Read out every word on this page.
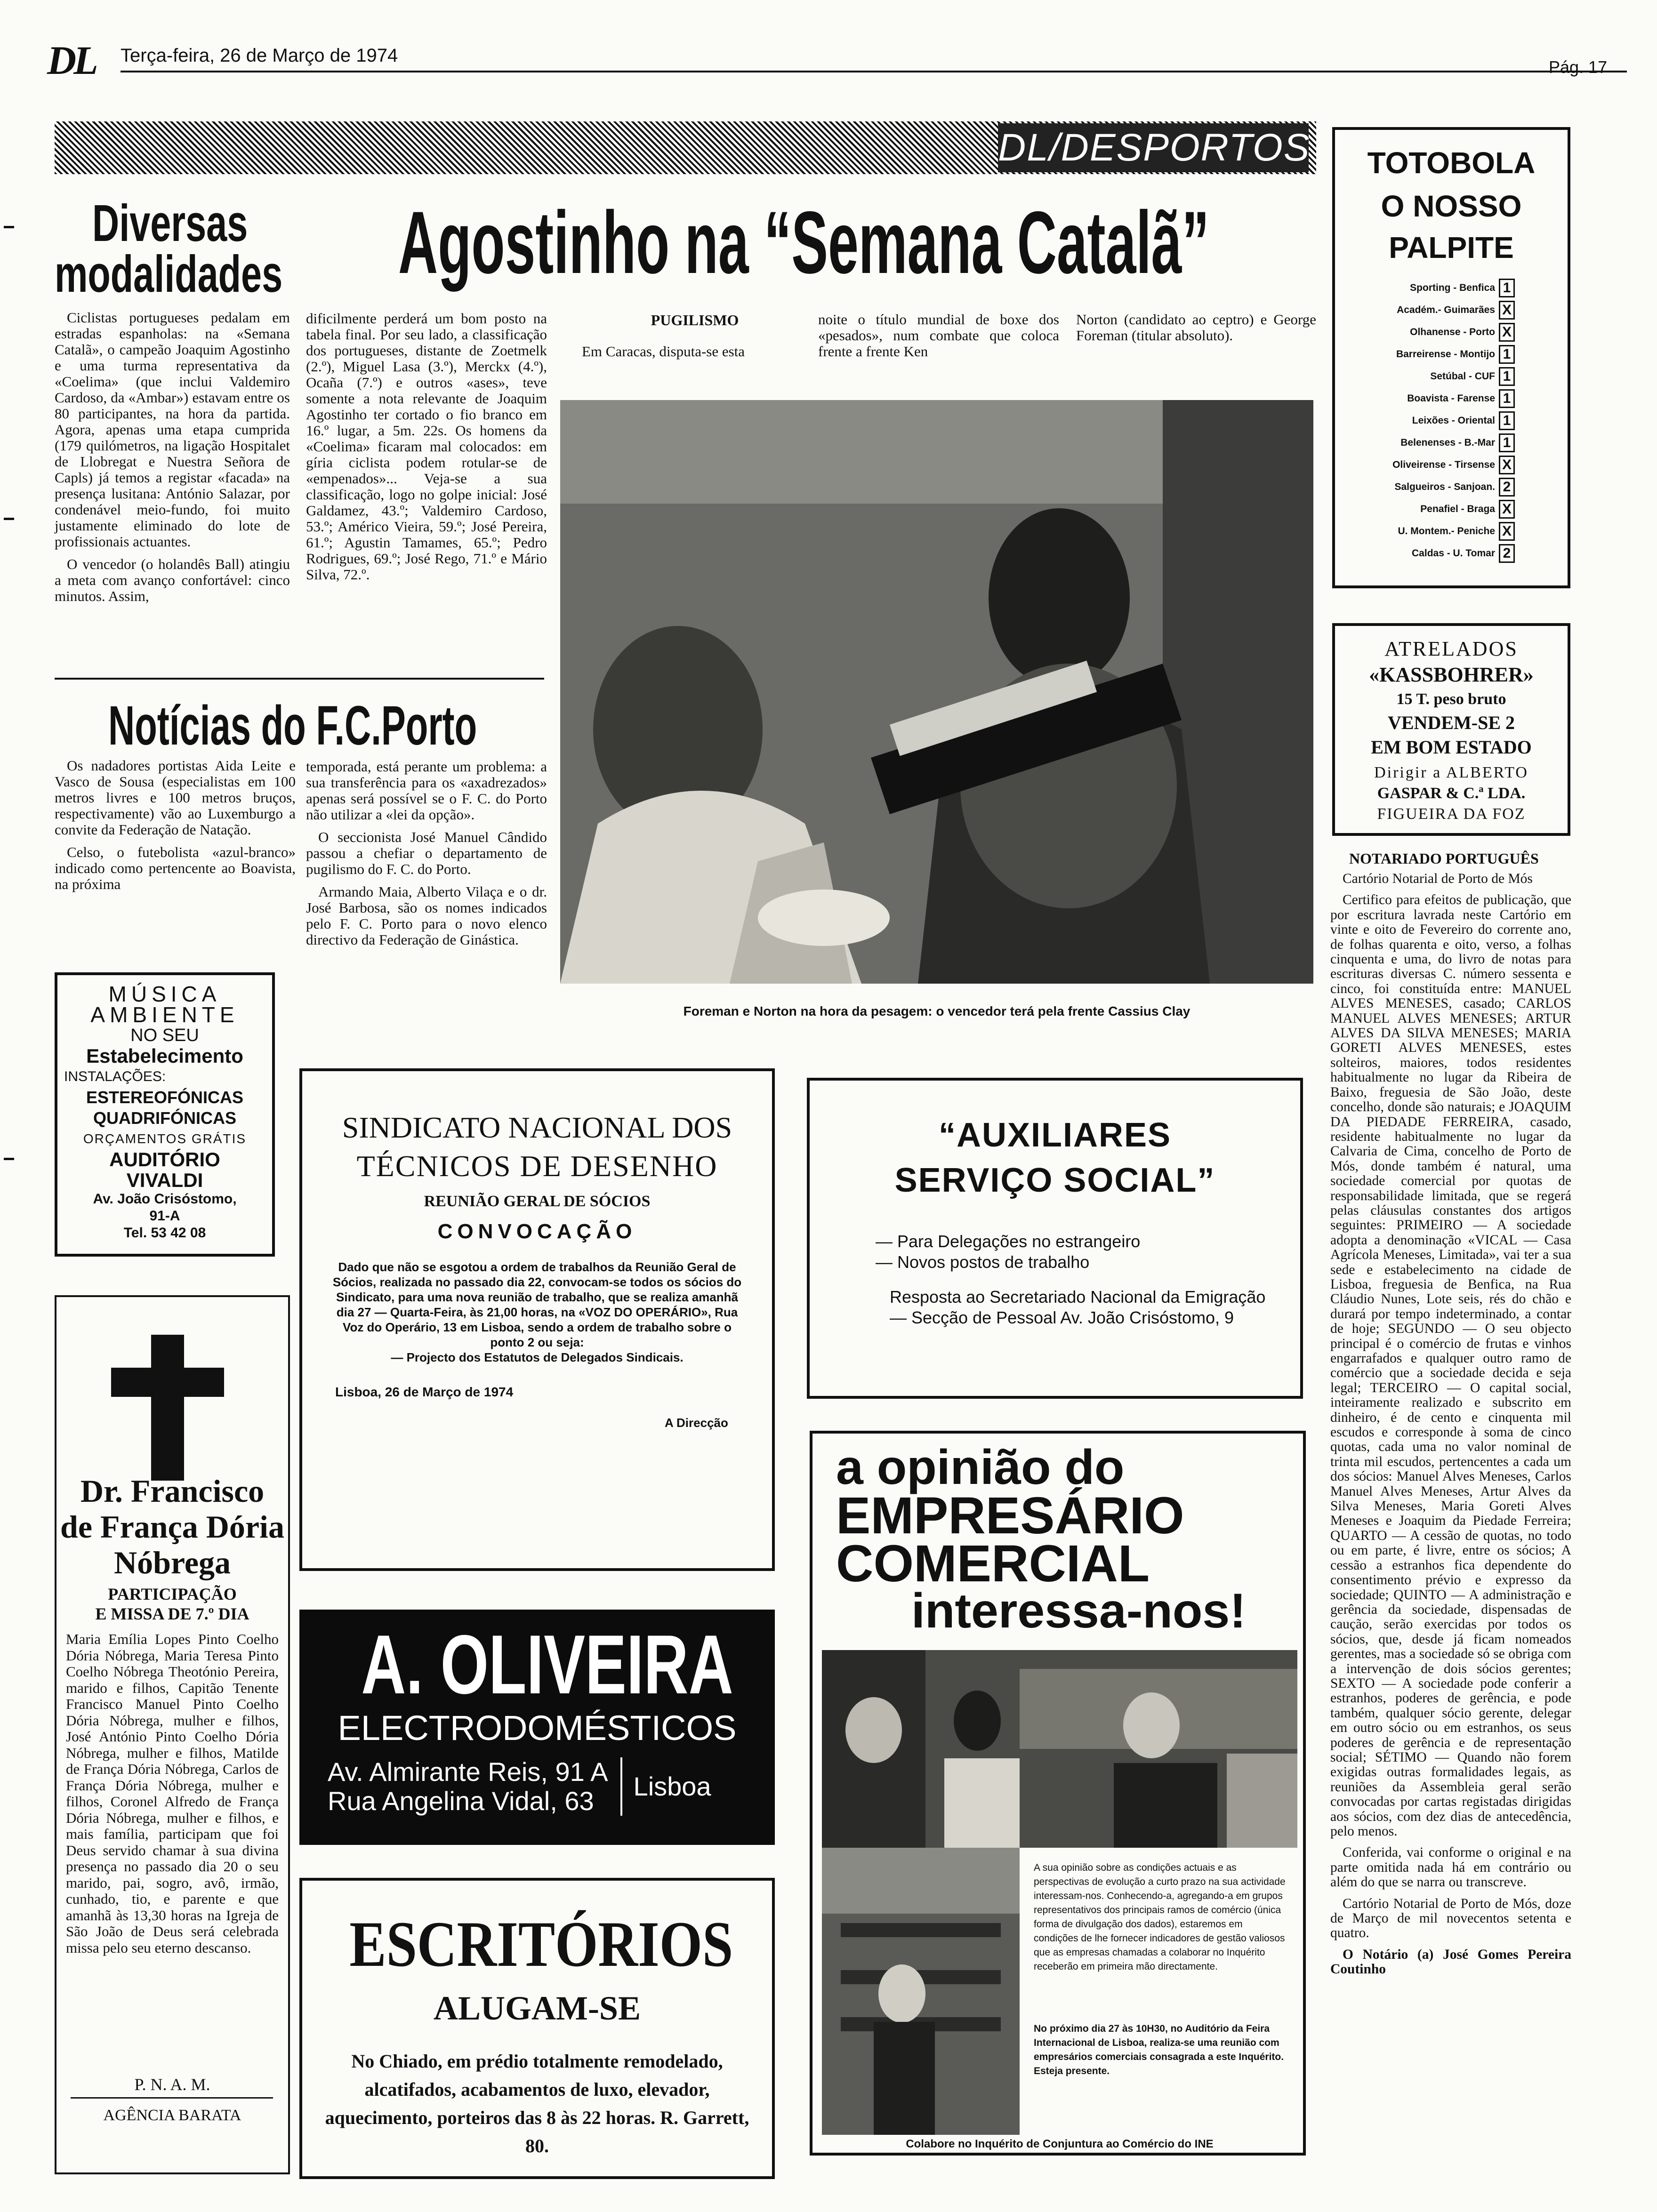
DL Terça-feira, 26 de Março de 1974
Pág. 17
DL/DESPORTOS
Diversas
modalidades

Ciclistas portugueses pedalam em estradas espanholas: na «Semana Catalã», o campeão Joaquim Agostinho e uma turma representativa da «Coelima» (que inclui Valdemiro Cardoso, da «Ambar») estavam entre os 80 participantes, na hora da partida. Agora, apenas uma etapa cumprida (179 quilómetros, na ligação Hospitalet de Llobregat e Nuestra Señora de Capls) já temos a registar «facada» na presença lusitana: António Salazar, por condenável meio-fundo, foi muito justamente eliminado do lote de profissionais actuantes.

O vencedor (o holandês Ball) atingiu a meta com avanço confortável: cinco minutos. Assim,

dificilmente perderá um bom posto na tabela final. Por seu lado, a classificação dos portugueses, distante de Zoetmelk (2.º), Miguel Lasa (3.º), Merckx (4.º), Ocaña (7.º) e outros «ases», teve somente a nota relevante de Joaquim Agostinho ter cortado o fio branco em 16.º lugar, a 5m. 22s. Os homens da «Coelima» ficaram mal colocados: em gíria ciclista podem rotular-se de «empenados»... Veja-se a sua classificação, logo no golpe inicial: José Galdamez, 43.º; Valdemiro Cardoso, 53.º; Américo Vieira, 59.º; José Pereira, 61.º; Agustin Tamames, 65.º; Pedro Rodrigues, 69.º; José Rego, 71.º e Mário Silva, 72.º.

Agostinho na “Semana Catalã”
PUGILISMO
Em Caracas, disputa-se esta
noite o título mundial de boxe dos «pesados», num combate que coloca frente a frente Ken
Norton (candidato ao ceptro) e George Foreman (titular absoluto).
Foreman e Norton na hora da pesagem: o vencedor terá pela frente Cassius Clay
Notícias do F.C.Porto

Os nadadores portistas Aida Leite e Vasco de Sousa (especialistas em 100 metros livres e 100 metros bruços, respectivamente) vão ao Luxemburgo a convite da Federação de Natação.

Celso, o futebolista «azul-branco» indicado como pertencente ao Boavista, na próxima

temporada, está perante um problema: a sua transferência para os «axadrezados» apenas será possível se o F. C. do Porto não utilizar a «lei da opção».

O seccionista José Manuel Cândido passou a chefiar o departamento de pugilismo do F. C. do Porto.

Armando Maia, Alberto Vilaça e o dr. José Barbosa, são os nomes indicados pelo F. C. Porto para o novo elenco directivo da Federação de Ginástica.

TOTOBOLA
O NOSSO
PALPITE
Sporting - Benfica 1
Académ.- Guimarães X
Olhanense - Porto X
Barreirense - Montijo 1
Setúbal - CUF 1
Boavista - Farense 1
Leixões - Oriental 1
Belenenses - B.-Mar 1
Oliveirense - Tirsense X
Salgueiros - Sanjoan. 2
Penafiel - Braga X
U. Montem.- Peniche X
Caldas - U. Tomar 2
ATRELADOS
«KASSBOHRER»
15 T. peso bruto
VENDEM-SE 2
EM BOM ESTADO
Dirigir a ALBERTO
GASPAR & C.ª LDA.
FIGUEIRA DA FOZ
NOTARIADO PORTUGUÊS

Cartório Notarial de Porto de Mós

Certifico para efeitos de publicação, que por escritura lavrada neste Cartório em vinte e oito de Fevereiro do corrente ano, de folhas quarenta e oito, verso, a folhas cinquenta e uma, do livro de notas para escrituras diversas C. número sessenta e cinco, foi constituída entre: MANUEL ALVES MENESES, casado; CARLOS MANUEL ALVES MENESES; ARTUR ALVES DA SILVA MENESES; MARIA GORETI ALVES MENESES, estes solteiros, maiores, todos residentes habitualmente no lugar da Ribeira de Baixo, freguesia de São João, deste concelho, donde são naturais; e JOAQUIM DA PIEDADE FERREIRA, casado, residente habitualmente no lugar da Calvaria de Cima, concelho de Porto de Mós, donde também é natural, uma sociedade comercial por quotas de responsabilidade limitada, que se regerá pelas cláusulas constantes dos artigos seguintes: PRIMEIRO — A sociedade adopta a denominação «VICAL — Casa Agrícola Meneses, Limitada», vai ter a sua sede e estabelecimento na cidade de Lisboa, freguesia de Benfica, na Rua Cláudio Nunes, Lote seis, rés do chão e durará por tempo indeterminado, a contar de hoje; SEGUNDO — O seu objecto principal é o comércio de frutas e vinhos engarrafados e qualquer outro ramo de comércio que a sociedade decida e seja legal; TERCEIRO — O capital social, inteiramente realizado e subscrito em dinheiro, é de cento e cinquenta mil escudos e corresponde à soma de cinco quotas, cada uma no valor nominal de trinta mil escudos, pertencentes a cada um dos sócios: Manuel Alves Meneses, Carlos Manuel Alves Meneses, Artur Alves da Silva Meneses, Maria Goreti Alves Meneses e Joaquim da Piedade Ferreira; QUARTO — A cessão de quotas, no todo ou em parte, é livre, entre os sócios; A cessão a estranhos fica dependente do consentimento prévio e expresso da sociedade; QUINTO — A administração e gerência da sociedade, dispensadas de caução, serão exercidas por todos os sócios, que, desde já ficam nomeados gerentes, mas a sociedade só se obriga com a intervenção de dois sócios gerentes; SEXTO — A sociedade pode conferir a estranhos, poderes de gerência, e pode também, qualquer sócio gerente, delegar em outro sócio ou em estranhos, os seus poderes de gerência e de representação social; SÉTIMO — Quando não forem exigidas outras formalidades legais, as reuniões da Assembleia geral serão convocadas por cartas registadas dirigidas aos sócios, com dez dias de antecedência, pelo menos.

Conferida, vai conforme o original e na parte omitida nada há em contrário ou além do que se narra ou transcreve.

Cartório Notarial de Porto de Mós, doze de Março de mil novecentos setenta e quatro.

O Notário (a) José Gomes Pereira Coutinho

MÚSICA
AMBIENTE
NO SEU
Estabelecimento
INSTALAÇÕES:
ESTEREOFÓNICAS
QUADRIFÓNICAS
ORÇAMENTOS GRÁTIS
AUDITÓRIO
VIVALDI
Av. João Crisóstomo,
91-A
Tel. 53 42 08
Dr. Francisco
de França Dória
Nóbrega
PARTICIPAÇÃO
E MISSA DE 7.º DIA
Maria Emília Lopes Pinto Coelho Dória Nóbrega, Maria Teresa Pinto Coelho Nóbrega Theotónio Pereira, marido e filhos, Capitão Tenente Francisco Manuel Pinto Coelho Dória Nóbrega, mulher e filhos, José António Pinto Coelho Dória Nóbrega, mulher e filhos, Matilde de França Dória Nóbrega, Carlos de França Dória Nóbrega, mulher e filhos, Coronel Alfredo de França Dória Nóbrega, mulher e filhos, e mais família, participam que foi Deus servido chamar à sua divina presença no passado dia 20 o seu marido, pai, sogro, avô, irmão, cunhado, tio, e parente e que amanhã às 13,30 horas na Igreja de São João de Deus será celebrada missa pelo seu eterno descanso.
P. N. A. M.
AGÊNCIA BARATA
SINDICATO NACIONAL DOS
TÉCNICOS DE DESENHO
REUNIÃO GERAL DE SÓCIOS
CONVOCAÇÃO
Dado que não se esgotou a ordem de trabalhos da Reunião Geral de Sócios, realizada no passado dia 22, convocam-se todos os sócios do Sindicato, para uma nova reunião de trabalho, que se realiza amanhã dia 27 — Quarta-Feira, às 21,00 horas, na «VOZ DO OPERÁRIO», Rua Voz do Operário, 13 em Lisboa, sendo a ordem de trabalho sobre o ponto 2 ou seja:
— Projecto dos Estatutos de Delegados Sindicais.
Lisboa, 26 de Março de 1974
A Direcção
“AUXILIARES
SERVIÇO SOCIAL”
— Para Delegações no estrangeiro
— Novos postos de trabalho
Resposta ao Secretariado Nacional da Emigração — Secção de Pessoal Av. João Crisóstomo, 9
A. OLIVEIRA
ELECTRODOMÉSTICOS
Av. Almirante Reis, 91 A
Rua Angelina Vidal, 63	Lisboa
ESCRITÓRIOS
ALUGAM-SE
No Chiado, em prédio totalmente remodelado, alcatifados, acabamentos de luxo, elevador, aquecimento, porteiros das 8 às 22 horas. R. Garrett, 80.
a opinião do
EMPRESÁRIO
COMERCIAL
interessa-nos!
A sua opinião sobre as condições actuais e as perspectivas de evolução a curto prazo na sua actividade interessam-nos. Conhecendo-a, agregando-a em grupos representativos dos principais ramos de comércio (única forma de divulgação dos dados), estaremos em condições de lhe fornecer indicadores de gestão valiosos que as empresas chamadas a colaborar no Inquérito receberão em primeira mão directamente.
No próximo dia 27 às 10H30, no Auditório da Feira Internacional de Lisboa, realiza-se uma reunião com empresários comerciais consagrada a este Inquérito. Esteja presente.
Colabore no Inquérito de Conjuntura ao Comércio do INE
